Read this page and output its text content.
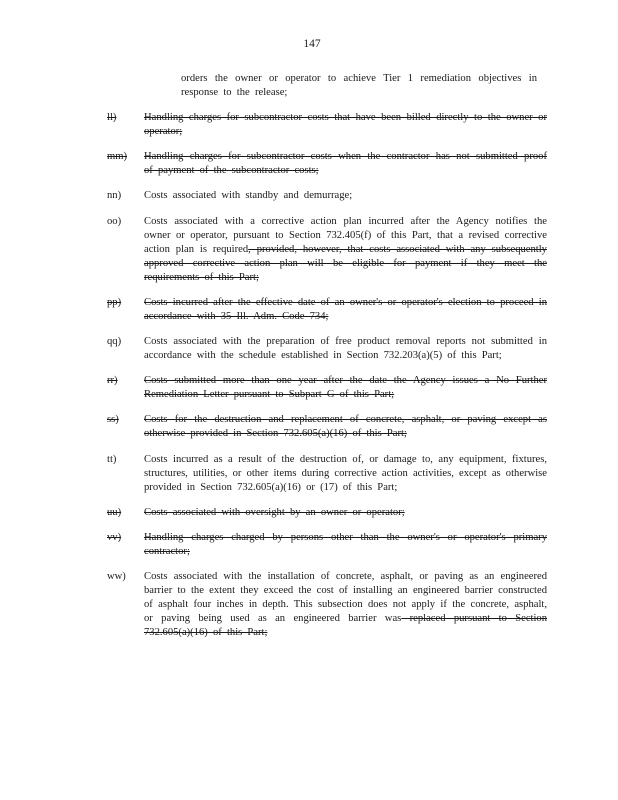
147
orders the owner or operator to achieve Tier 1 remediation objectives in response to the release;
ll)	Handling charges for subcontractor costs that have been billed directly to the owner or operator;
mm)	Handling charges for subcontractor costs when the contractor has not submitted proof of payment of the subcontractor costs;
nn)	Costs associated with standby and demurrage;
oo)	Costs associated with a corrective action plan incurred after the Agency notifies the owner or operator, pursuant to Section 732.405(f) of this Part, that a revised corrective action plan is required, provided, however, that costs associated with any subsequently approved corrective action plan will be eligible for payment if they meet the requirements of this Part;
pp)	Costs incurred after the effective date of an owner's or operator's election to proceed in accordance with 35 Ill. Adm. Code 734;
qq)	Costs associated with the preparation of free product removal reports not submitted in accordance with the schedule established in Section 732.203(a)(5) of this Part;
rr)	Costs submitted more than one year after the date the Agency issues a No Further Remediation Letter pursuant to Subpart G of this Part;
ss)	Costs for the destruction and replacement of concrete, asphalt, or paving except as otherwise provided in Section 732.605(a)(16) of this Part;
tt)	Costs incurred as a result of the destruction of, or damage to, any equipment, fixtures, structures, utilities, or other items during corrective action activities, except as otherwise provided in Section 732.605(a)(16) or (17) of this Part;
uu)	Costs associated with oversight by an owner or operator;
vv)	Handling charges charged by persons other than the owner's or operator's primary contractor;
ww)	Costs associated with the installation of concrete, asphalt, or paving as an engineered barrier to the extent they exceed the cost of installing an engineered barrier constructed of asphalt four inches in depth. This subsection does not apply if the concrete, asphalt, or paving being used as an engineered barrier was replaced pursuant to Section 732.605(a)(16) of this Part;
